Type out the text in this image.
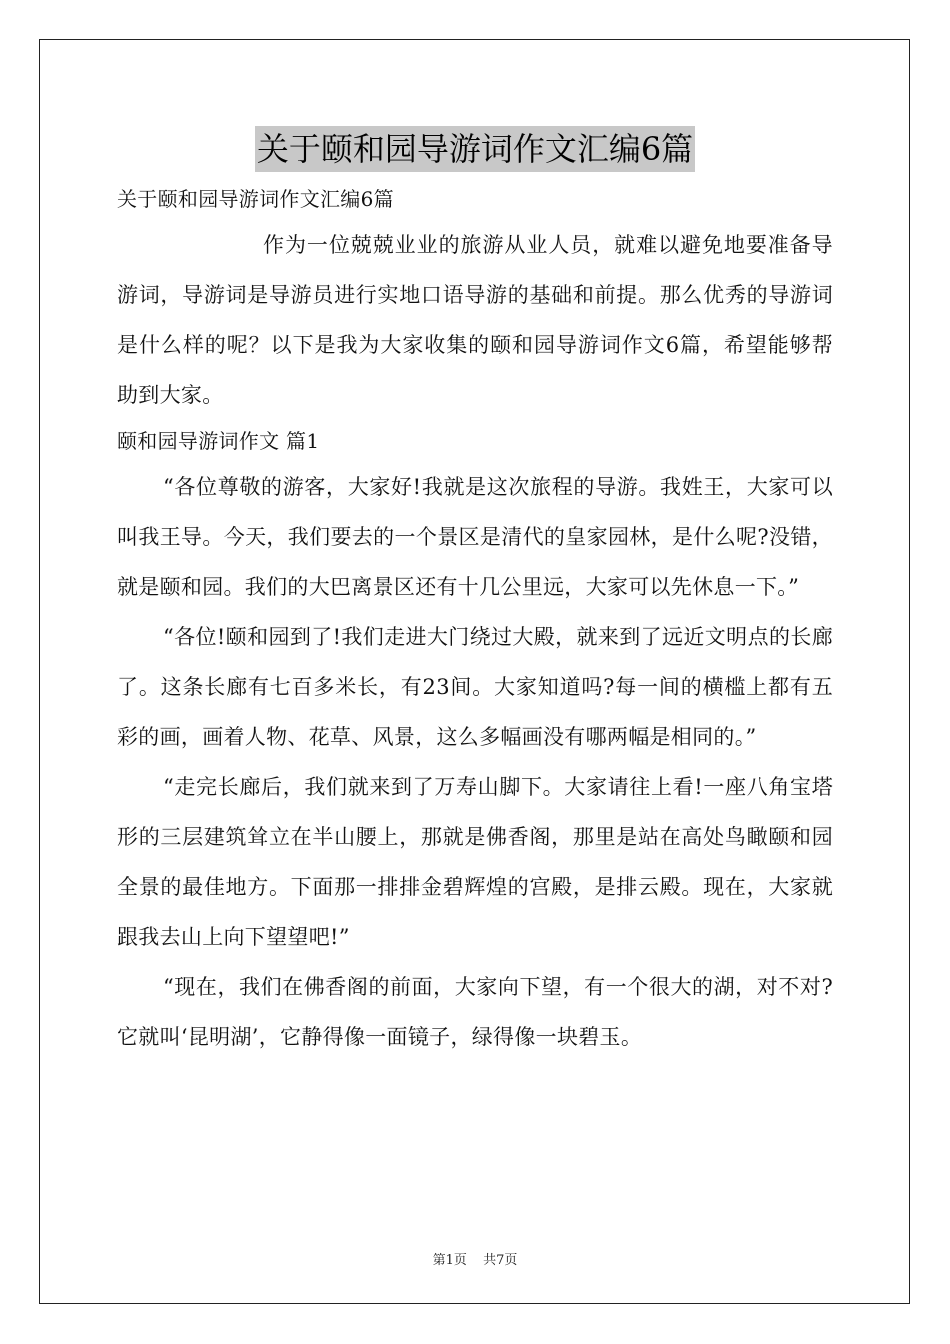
关于颐和园导游词作文汇编6篇

关于颐和园导游词作文汇编6篇

作为一位兢兢业业的旅游从业人员，就难以避免地要准备导游词，导游词是导游员进行实地口语导游的基础和前提。那么优秀的导游词是什么样的呢？以下是我为大家收集的颐和园导游词作文6篇，希望能够帮助到大家。

颐和园导游词作文 篇1

“各位尊敬的游客，大家好!我就是这次旅程的导游。我姓王，大家可以叫我王导。今天，我们要去的一个景区是清代的皇家园林，是什么呢?没错，就是颐和园。我们的大巴离景区还有十几公里远，大家可以先休息一下。”

“各位!颐和园到了!我们走进大门绕过大殿，就来到了远近文明点的长廊了。这条长廊有七百多米长，有23间。大家知道吗?每一间的横槛上都有五彩的画，画着人物、花草、风景，这么多幅画没有哪两幅是相同的。”

“走完长廊后，我们就来到了万寿山脚下。大家请往上看!一座八角宝塔形的三层建筑耸立在半山腰上，那就是佛香阁，那里是站在高处鸟瞰颐和园全景的最佳地方。下面那一排排金碧辉煌的宫殿，是排云殿。现在，大家就跟我去山上向下望望吧!”

“现在，我们在佛香阁的前面，大家向下望，有一个很大的湖，对不对?它就叫‘昆明湖’，它静得像一面镜子，绿得像一块碧玉。

第1页 共7页
